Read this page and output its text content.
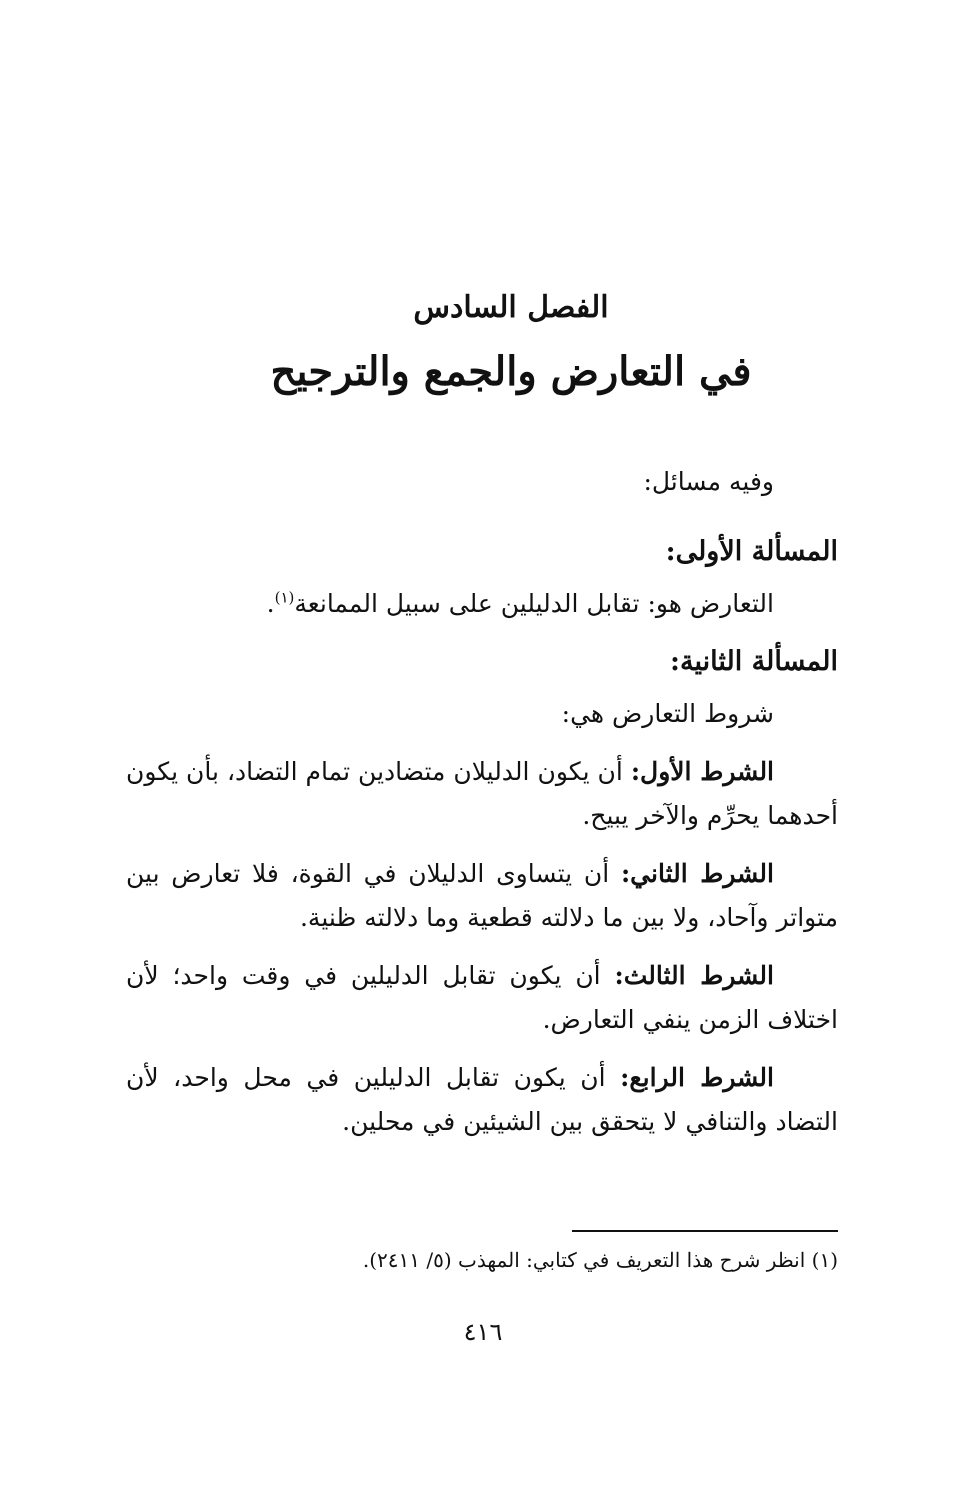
الفصل السادس
في التعارض والجمع والترجيح
وفيه مسائل:
المسألة الأولى:
التعارض هو: تقابل الدليلين على سبيل الممانعة$^{(١)}$.
المسألة الثانية:
شروط التعارض هي:
الشرط الأول: أن يكون الدليلان متضادين تمام التضاد، بأن يكون أحدهما يحرِّم والآخر يبيح.
الشرط الثاني: أن يتساوى الدليلان في القوة، فلا تعارض بين متواتر وآحاد، ولا بين ما دلالته قطعية وما دلالته ظنية.
الشرط الثالث: أن يكون تقابل الدليلين في وقت واحد؛ لأن اختلاف الزمن ينفي التعارض.
الشرط الرابع: أن يكون تقابل الدليلين في محل واحد، لأن التضاد والتنافي لا يتحقق بين الشيئين في محلين.
(١) انظر شرح هذا التعريف في كتابي: المهذب (٥/ ٢٤١١).
٤١٦
